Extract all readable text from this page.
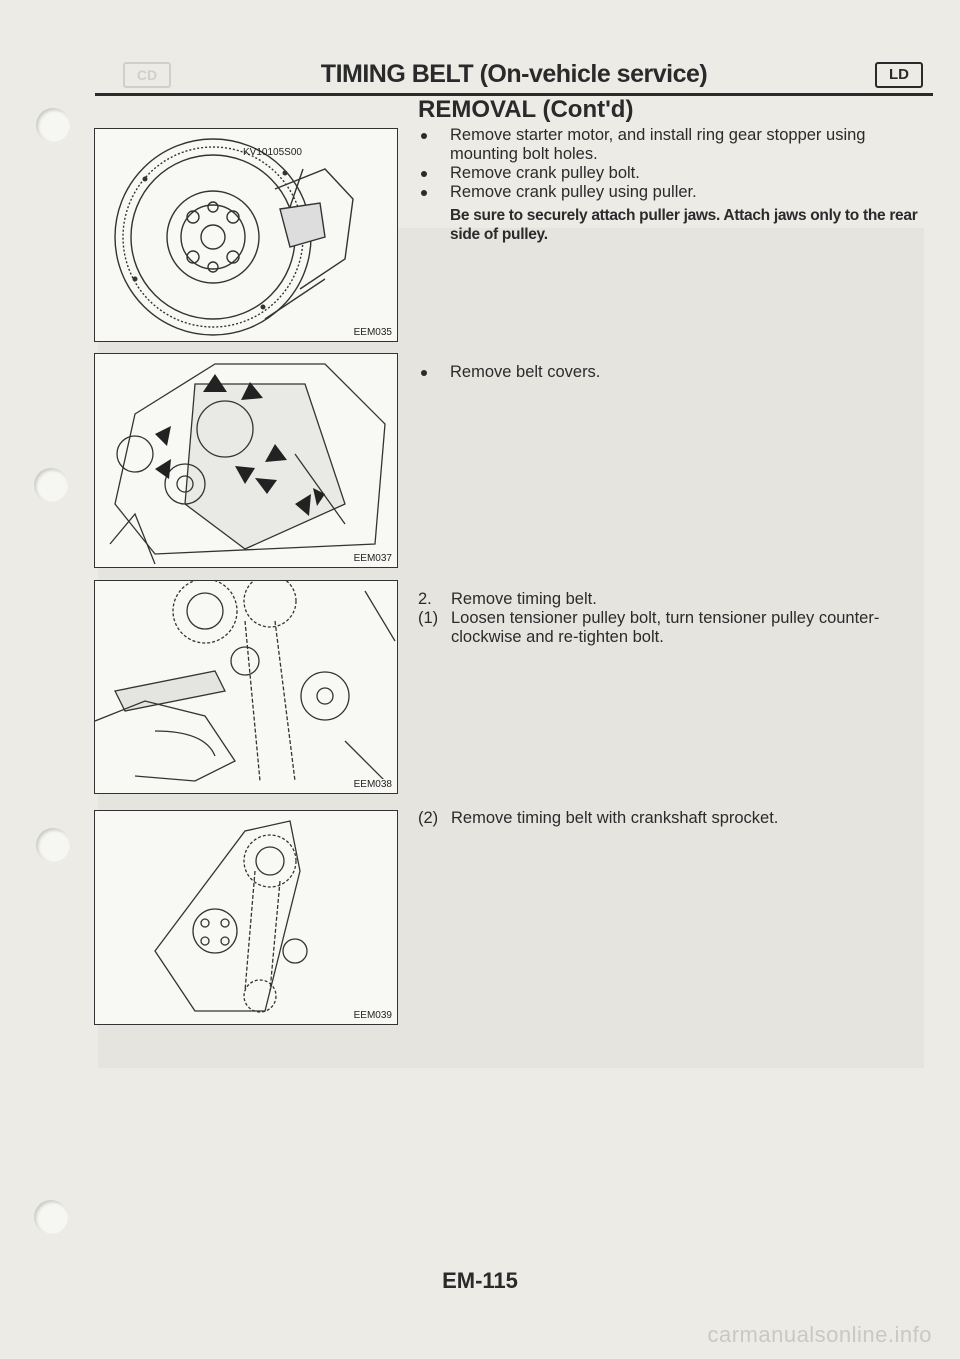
CD	TIMING BELT (On-vehicle service)	LD
REMOVAL (Cont'd)
KV10105S00
EEM035
EEM037
EEM038
EEM039

Remove starter motor, and install ring gear stopper using mounting bolt holes.

Remove crank pulley bolt.

Remove crank pulley using puller.

Be sure to securely attach puller jaws. Attach jaws only to the rear side of pulley.

Remove belt covers.

2. Remove timing belt.

(1) Loosen tensioner pulley bolt, turn tensioner pulley counter-clockwise and re-tighten bolt.

(2) Remove timing belt with crankshaft sprocket.

EM-115
carmanualsonline.info
